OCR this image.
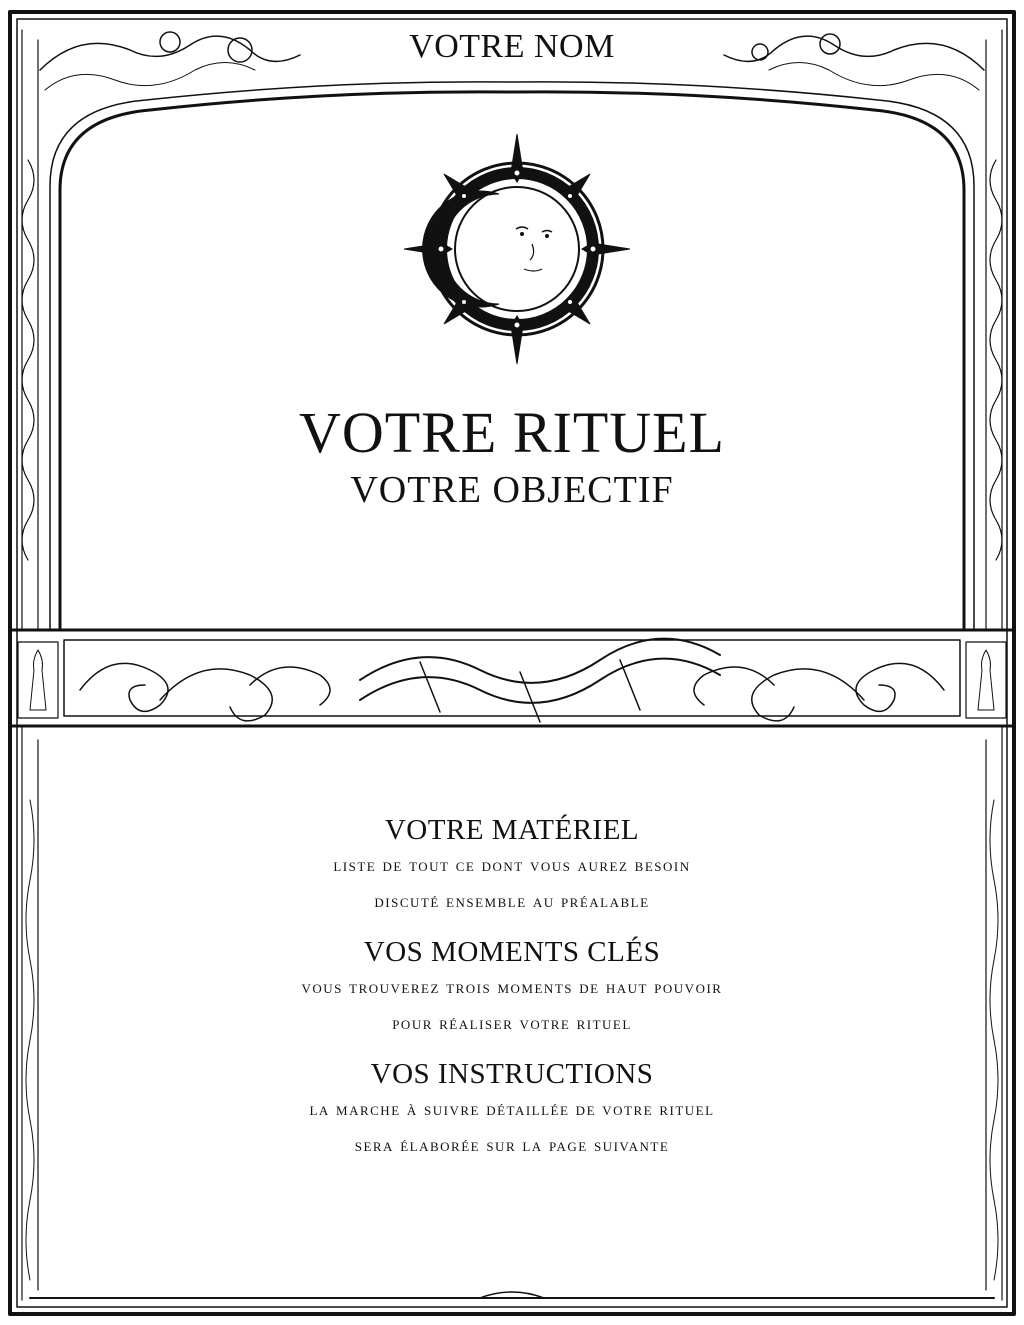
VOTRE NOM
VOTRE RITUEL
VOTRE OBJECTIF
VOTRE MATÉRIEL
liste de tout ce dont vous aurez besoin
discuté ensemble au préalable
VOS MOMENTS CLÉS
vous trouverez trois moments de haut pouvoir
pour réaliser votre rituel
VOS INSTRUCTIONS
la marche à suivre détaillée de votre rituel
sera élaborée sur la page suivante
